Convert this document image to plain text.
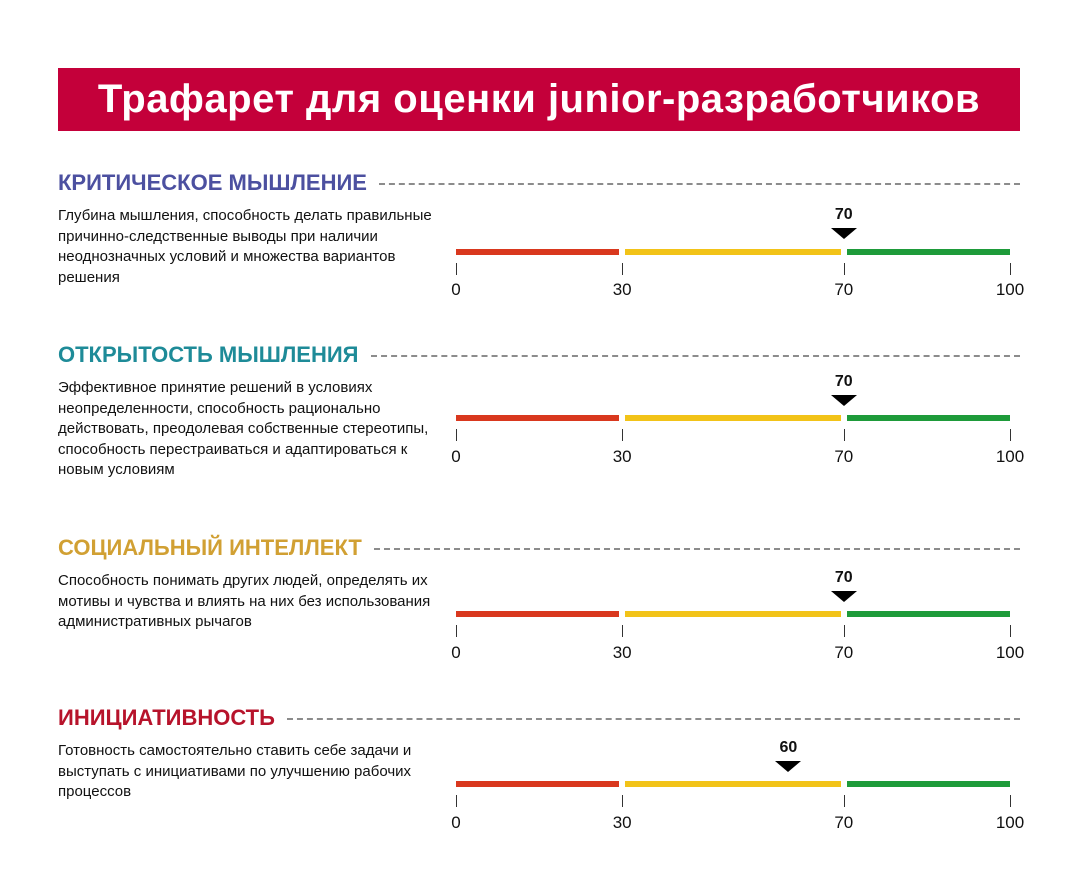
Трафарет для оценки junior-разработчиков
КРИТИЧЕСКОЕ МЫШЛЕНИЕ
Глубина мышления, способность делать правильные причинно-следственные выводы при наличии неоднозначных условий и множества вариантов решения
0	30	70	100
70
ОТКРЫТОСТЬ МЫШЛЕНИЯ
Эффективное принятие решений в условиях неопределенности, способность рационально действовать, преодолевая собственные стереотипы, способность перестраиваться и адаптироваться к новым условиям
0	30	70	100
70
СОЦИАЛЬНЫЙ ИНТЕЛЛЕКТ
Способность понимать других людей, определять их мотивы и чувства и влиять на них без использования административных рычагов
0	30	70	100
70
ИНИЦИАТИВНОСТЬ
Готовность самостоятельно ставить себе задачи и выступать с инициативами по улучшению рабочих процессов
0	30	70	100
60
